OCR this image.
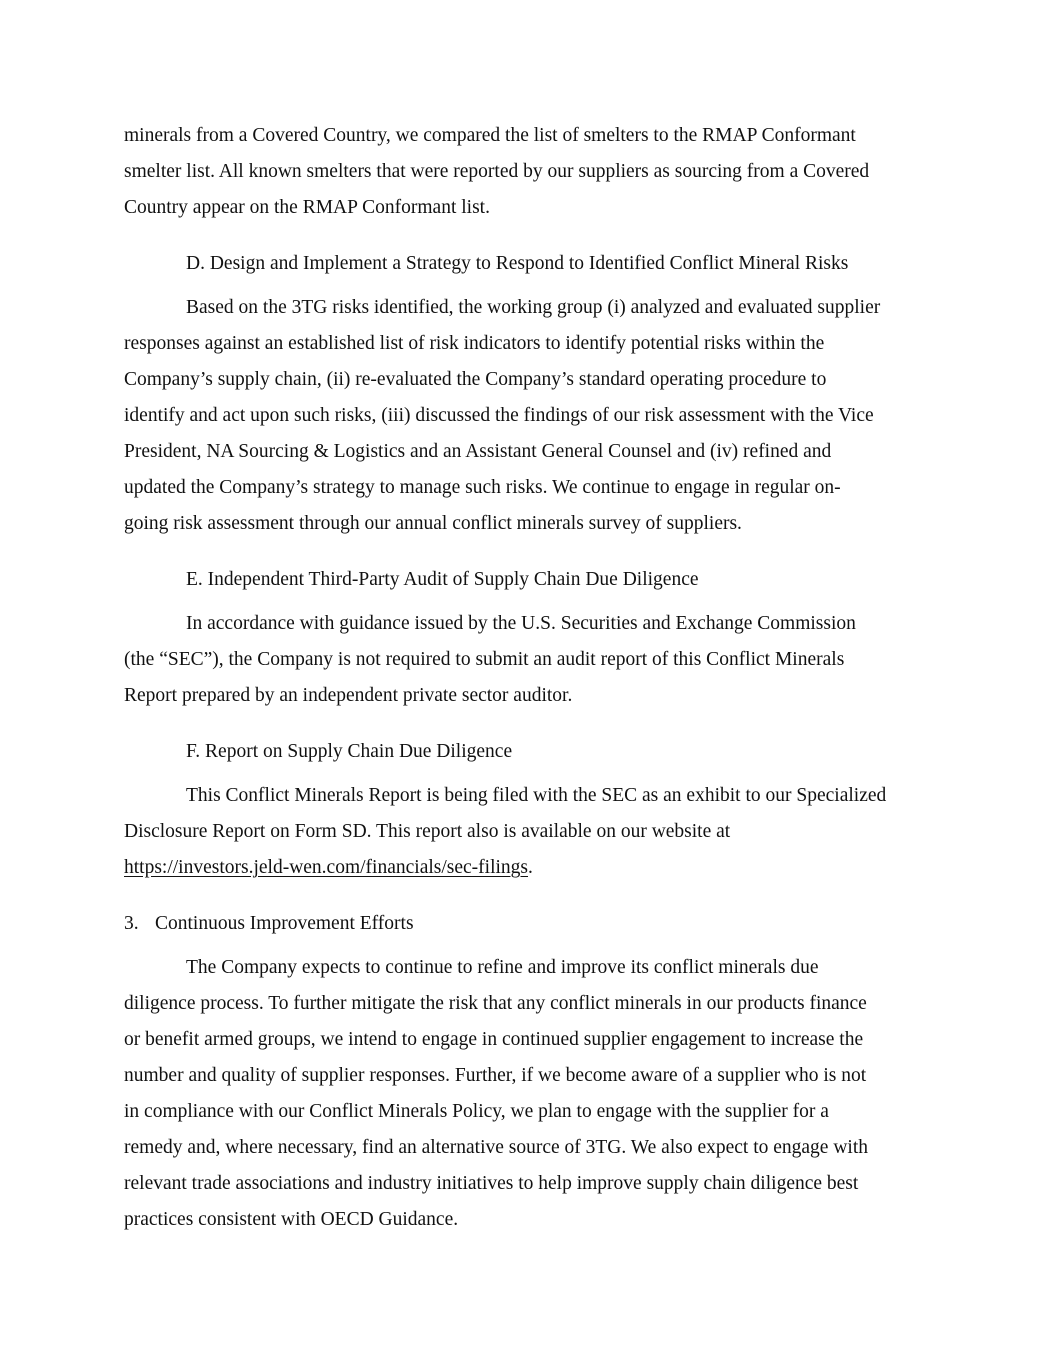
minerals from a Covered Country, we compared the list of smelters to the RMAP Conformant
smelter list. All known smelters that were reported by our suppliers as sourcing from a Covered
Country appear on the RMAP Conformant list.

D. Design and Implement a Strategy to Respond to Identified Conflict Mineral Risks

Based on the 3TG risks identified, the working group (i) analyzed and evaluated supplier
responses against an established list of risk indicators to identify potential risks within the
Company’s supply chain, (ii) re-evaluated the Company’s standard operating procedure to
identify and act upon such risks, (iii) discussed the findings of our risk assessment with the Vice
President, NA Sourcing & Logistics and an Assistant General Counsel and (iv) refined and
updated the Company’s strategy to manage such risks. We continue to engage in regular on-
going risk assessment through our annual conflict minerals survey of suppliers.

E. Independent Third-Party Audit of Supply Chain Due Diligence

In accordance with guidance issued by the U.S. Securities and Exchange Commission
(the “SEC”), the Company is not required to submit an audit report of this Conflict Minerals
Report prepared by an independent private sector auditor.

F. Report on Supply Chain Due Diligence

This Conflict Minerals Report is being filed with the SEC as an exhibit to our Specialized
Disclosure Report on Form SD. This report also is available on our website at
https://investors.jeld-wen.com/financials/sec-filings.

3. Continuous Improvement Efforts

The Company expects to continue to refine and improve its conflict minerals due
diligence process. To further mitigate the risk that any conflict minerals in our products finance
or benefit armed groups, we intend to engage in continued supplier engagement to increase the
number and quality of supplier responses. Further, if we become aware of a supplier who is not
in compliance with our Conflict Minerals Policy, we plan to engage with the supplier for a
remedy and, where necessary, find an alternative source of 3TG. We also expect to engage with
relevant trade associations and industry initiatives to help improve supply chain diligence best
practices consistent with OECD Guidance.
